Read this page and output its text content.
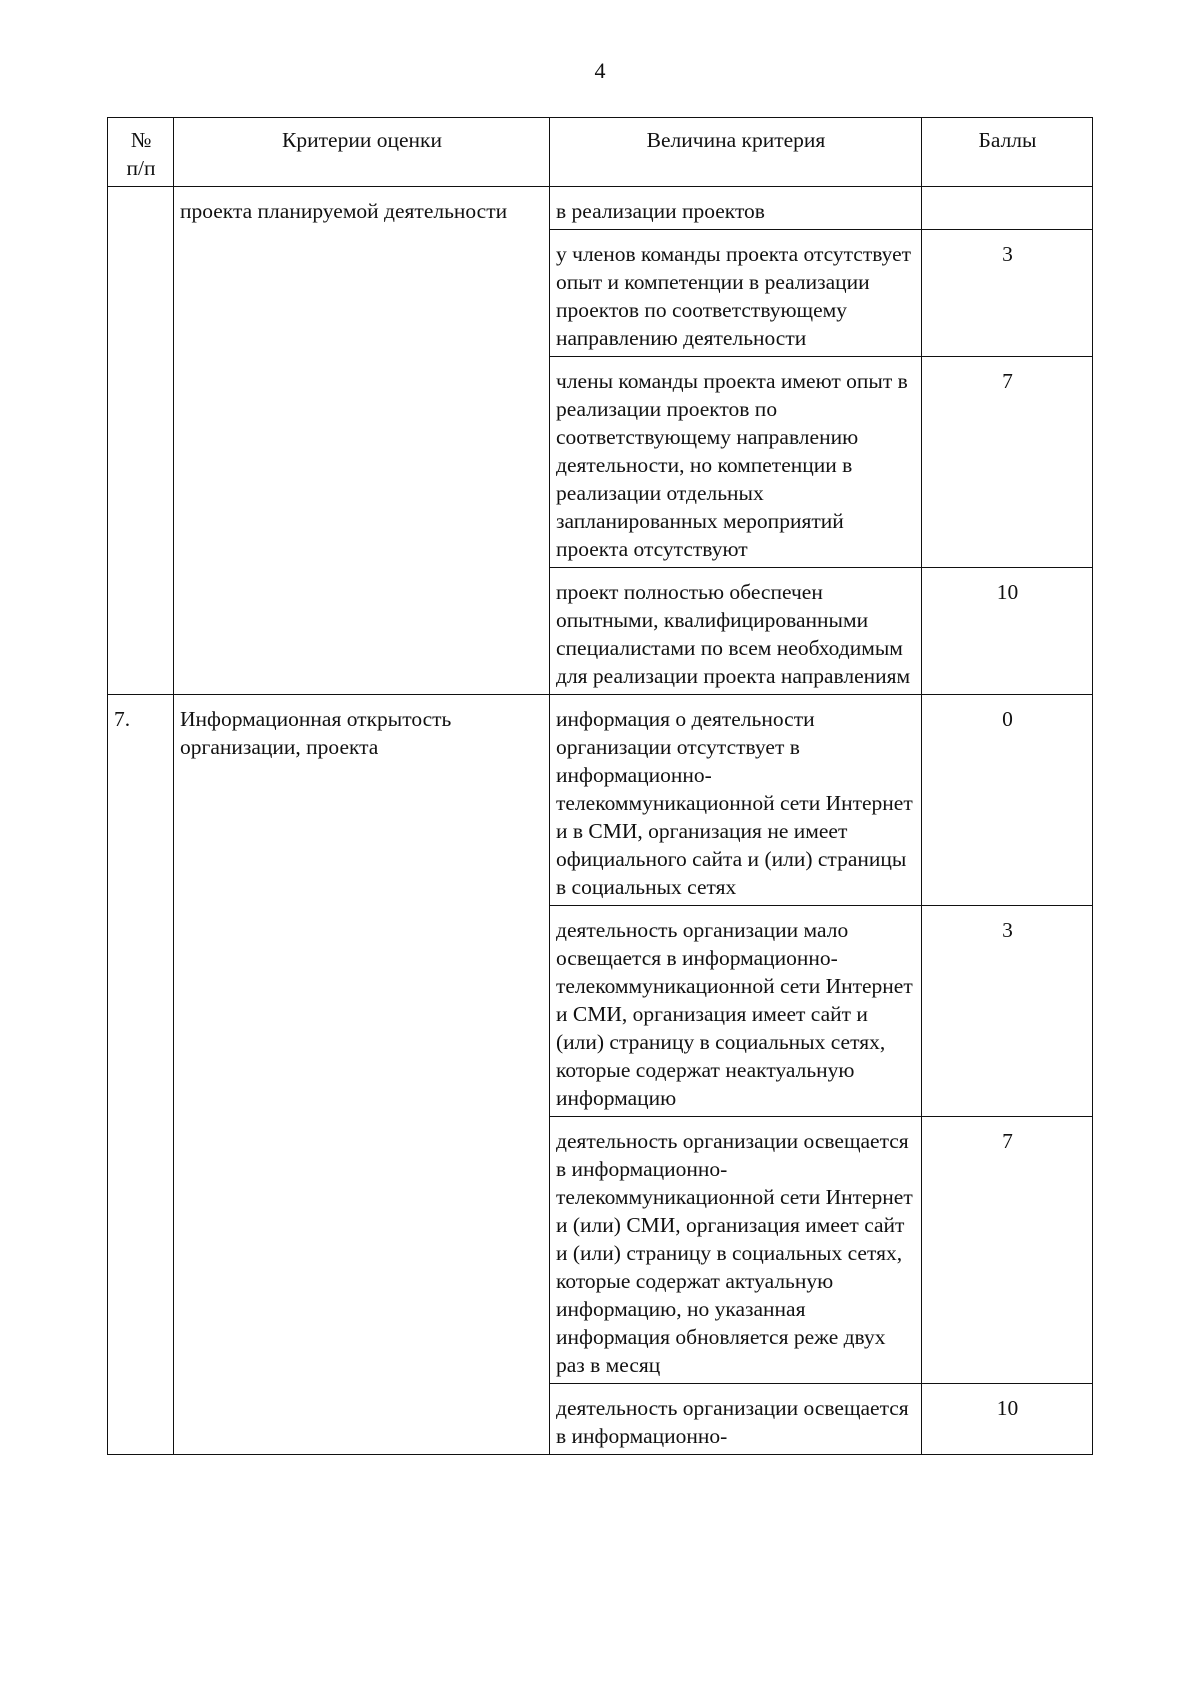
4
№
п/п	Критерии оценки	Величина критерия	Баллы
	проекта планируемой деятельности	в реализации проектов	
		у членов команды проекта отсутствует опыт и компетенции в реализации проектов по соответствующему направлению деятельности	3
		члены команды проекта имеют опыт в реализации проектов по соответствующему направлению деятельности, но компетенции в реализации отдельных запланированных мероприятий проекта отсутствуют	7
		проект полностью обеспечен опытными, квалифицированными специалистами по всем необходимым для реализации проекта направлениям	10
7.	Информационная открытость организации, проекта	информация о деятельности организации отсутствует в информационно-телекоммуникационной сети Интернет и в СМИ, организация не имеет официального сайта и (или) страницы в социальных сетях	0
		деятельность организации мало освещается в информационно-телекоммуникационной сети Интернет и СМИ, организация имеет сайт и (или) страницу в социальных сетях, которые содержат неактуальную информацию	3
		деятельность организации освещается в информационно-телекоммуникационной сети Интернет и (или) СМИ, организация имеет сайт и (или) страницу в социальных сетях, которые содержат актуальную информацию, но указанная информация обновляется реже двух раз в месяц	7
		деятельность организации освещается в информационно-	10
